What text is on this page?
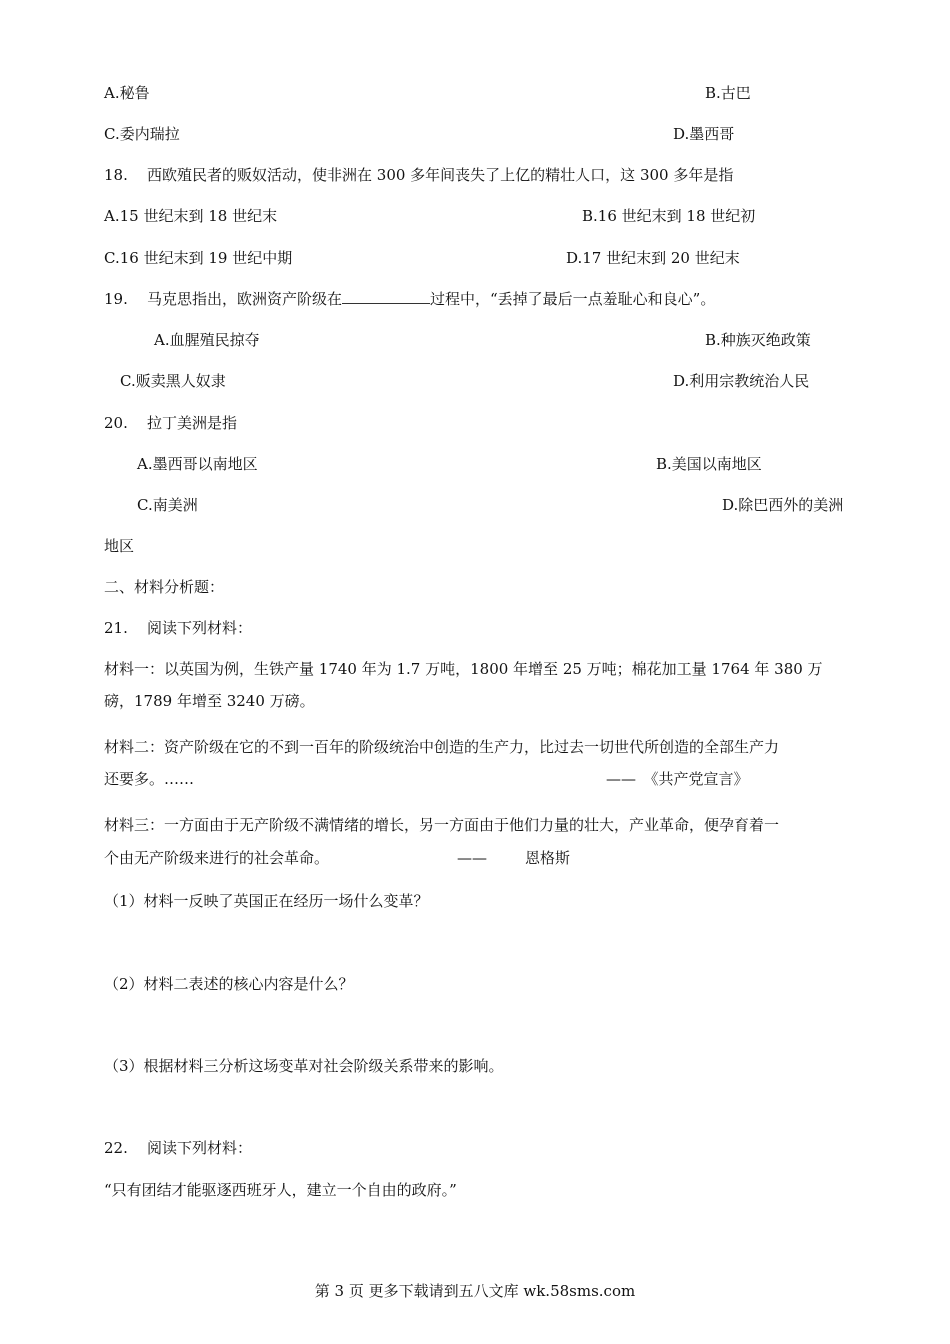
A.秘鲁	B.古巴
C.委内瑞拉	D.墨西哥
18. 西欧殖民者的贩奴活动，使非洲在 300 多年间丧失了上亿的精壮人口，这 300 多年是指
A.15 世纪末到 18 世纪末	B.16 世纪末到 18 世纪初
C.16 世纪末到 19 世纪中期	D.17 世纪末到 20 世纪末
19. 马克思指出，欧洲资产阶级在	过程中，“丢掉了最后一点羞耻心和良心”。
A.血腥殖民掠夺	B.种族灭绝政策
C.贩卖黑人奴隶	D.利用宗教统治人民
20. 拉丁美洲是指
A.墨西哥以南地区	B.美国以南地区
C.南美洲	D.除巴西外的美洲
地区
二、材料分析题：
21. 阅读下列材料：
材料一：以英国为例，生铁产量 1740 年为 1.7 万吨，1800 年增至 25 万吨；棉花加工量 1764 年 380 万
磅，1789 年增至 3240 万磅。
材料二：资产阶级在它的不到一百年的阶级统治中创造的生产力，比过去一切世代所创造的全部生产力
还要多。……	——　《共产党宣言》
材料三：一方面由于无产阶级不满情绪的增长，另一方面由于他们力量的壮大，产业革命，便孕育着一
个由无产阶级来进行的社会革命。	——	恩格斯
（1）材料一反映了英国正在经历一场什么变革？
（2）材料二表述的核心内容是什么？
（3）根据材料三分析这场变革对社会阶级关系带来的影响。
22. 阅读下列材料：
“只有团结才能驱逐西班牙人，建立一个自由的政府。”
第 3 页 更多下载请到五八文库 wk.58sms.com
